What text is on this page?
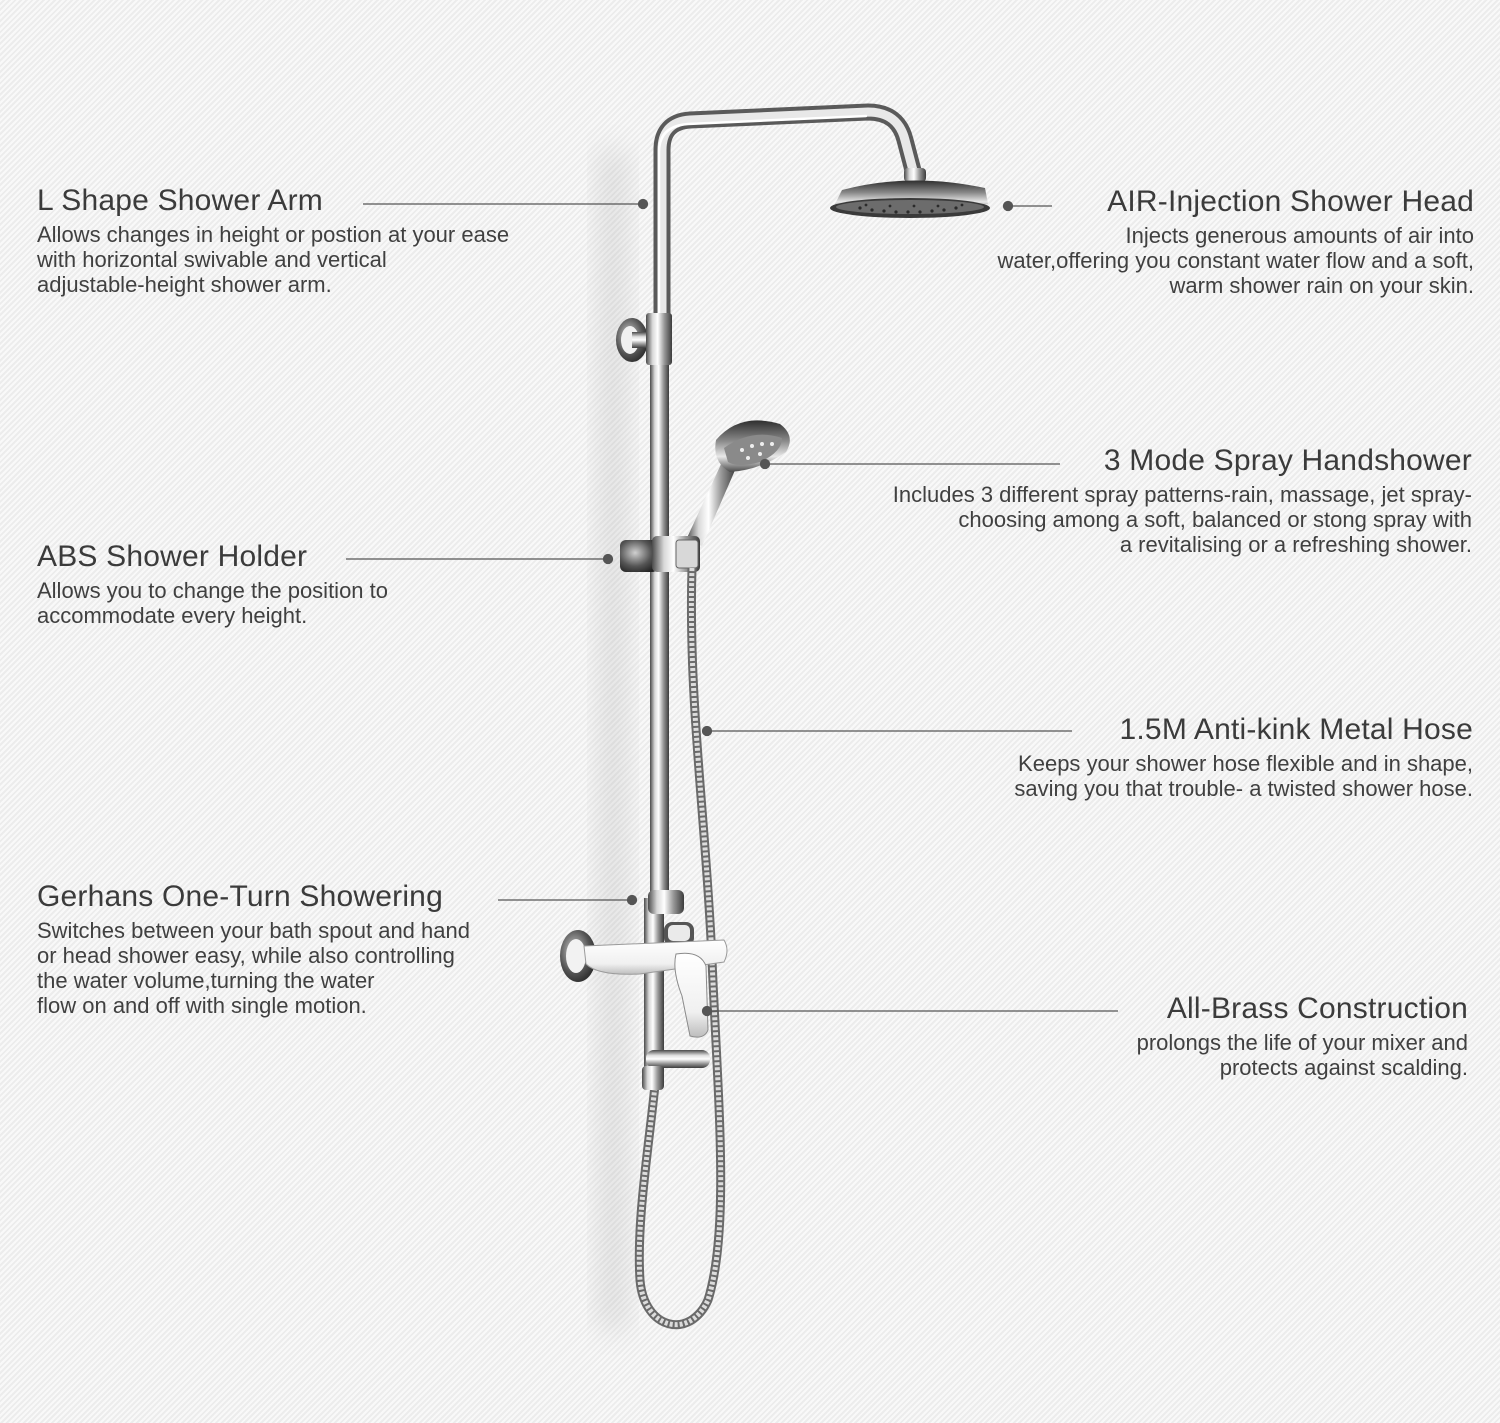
L Shape Shower Arm
Allows changes in height or postion at your ease
with horizontal swivable and vertical
adjustable-height shower arm.
AIR-Injection Shower Head
Injects generous amounts of air into
water,offering you constant water flow and a soft,
warm shower rain on your skin.
3 Mode Spray Handshower
Includes 3 different spray patterns-rain, massage, jet spray-
choosing among a soft, balanced or stong spray with
a revitalising or a refreshing shower.
ABS Shower Holder
Allows you to change the position to
accommodate every height.
1.5M Anti-kink Metal Hose
Keeps your shower hose flexible and in shape,
saving you that trouble- a twisted shower hose.
Gerhans One-Turn Showering
Switches between your bath spout and hand
or head shower easy, while also controlling
the water volume,turning the water
flow on and off with single motion.	All-Brass Construction
prolongs the life of your mixer and
protects against scalding.
